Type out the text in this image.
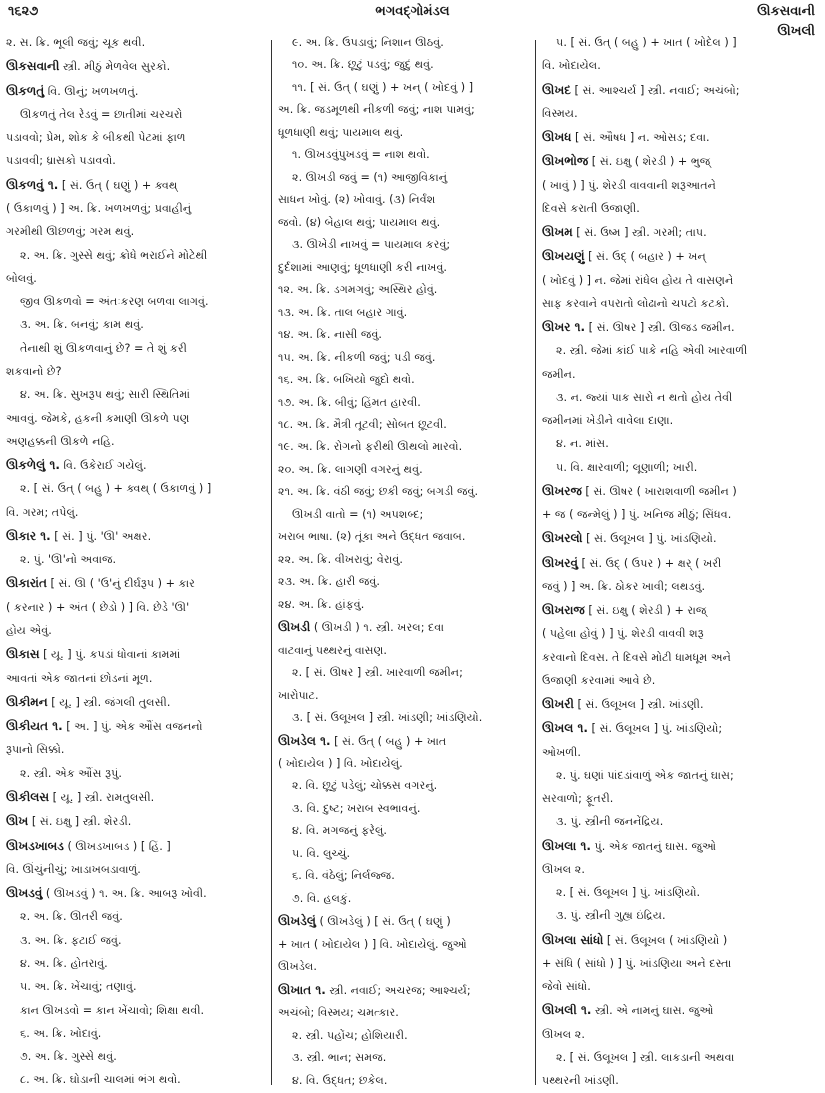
૧૬૨૭	ભગવદ્ગોમંડલ	ઊકસવાની
ઊખલી
૨. સ. ક્રિ. ભૂલી જવું; ચૂક થવી.
ઊકસવાની સ્ત્રી. મીઠું મેળવેલ સુરકો.
ઊકળતું વિ. ઊનું; ખળખળતું.
ઊકળતું તેલ રેડવું = છાતીમાં ચરચરો
પડાવવો; પ્રેમ, શોક કે બીકથી પેટમાં ફાળ
પડાવવી; ધ્રાસકો પડાવવો.
ઊકળવું ૧. [ સં. ઉત્ ( ઘણું ) + ક્વથ્
( ઉકાળવું ) ] અ. ક્રિ. ખળખળવું; પ્રવાહીનું
ગરમીથી ઊછળવું; ગરમ થવું.
૨. અ. ક્રિ. ગુસ્સે થવું; ક્રોધે ભરાઈને મોટેથી
બોલવું.
જીવ ઊકળવો = અંતઃકરણ બળવા લાગવું.
૩. અ. ક્રિ. બનવું; કામ થવું.
તેનાથી શું ઊકળવાનું છે? = તે શું કરી
શકવાનો છે?
૪. અ. ક્રિ. સુખરૂપ થવું; સારી સ્થિતિમાં
આવવું. જેમકે, હકની કમાણી ઊકળે પણ
અણહક્કની ઊકળે નહિ.
ઊકળેલું ૧. વિ. ઉકેરાઈ ગયેલું.
૨. [ સં. ઉત્ ( બહુ ) + ક્વથ્ ( ઉકાળવું ) ]
વિ. ગરમ; તપેલું.
ઊકાર ૧. [ સં. ] પું. 'ઊ' અક્ષર.
૨. પું. 'ઊ'નો અવાજ.
ઊકારાંત [ સં. ઊ ( 'ઉ'નું દીર્ઘરૂપ ) + કાર
( કરનાર ) + અંત ( છેડો ) ] વિ. છેડે 'ઊ'
હોય એવું.
ઊકાસ [ યૂ. ] પું. કપડાં ધોવાનાં કામમાં
આવતાં એક જાતનાં છોડનાં મૂળ.
ઊકીમન [ યૂ. ] સ્ત્રી. જંગલી તુલસી.
ઊકીયત ૧. [ અ. ] પું. એક ઔંસ વજનનો
રૂપાનો સિક્કો.
૨. સ્ત્રી. એક ઔંસ રૂપું.
ઊકીલસ [ યૂ. ] સ્ત્રી. રામતુલસી.
ઊખ [ સં. ઇક્ષુ ] સ્ત્રી. શેરડી.
ઊખડખાબડ ( ઊખડખાબડ ) [ હિં. ]
વિ. ઊંચુંનીચું; ખાડાખબડાવાળું.
ઊખડવું ( ઊખડવું ) ૧. અ. ક્રિ. આબરૂ ખોવી.
૨. અ. ક્રિ. ઊતરી જવું.
૩. અ. ક્રિ. ફટાઈ જવું.
૪. અ. ક્રિ. હોતરાવું.
૫. અ. ક્રિ. ખેંચાવું; તણાવું.
કાન ઊખડવો = કાન ખેંચાવો; શિક્ષા થવી.
૬. અ. ક્રિ. ખોદાવું.
૭. અ. ક્રિ. ગુસ્સે થવું.
૮. અ. ક્રિ. ઘોડાની ચાલમાં ભંગ થવો.
૯. અ. ક્રિ. ઉપડાવું; નિશાન ઊઠવું.
૧૦. અ. ક્રિ. છૂટું પડવું; જુદું થવું.
૧૧. [ સં. ઉત્ ( ઘણું ) + ખન્ ( ખોદવું ) ]
અ. ક્રિ. જડમૂળથી નીકળી જવું; નાશ પામવું;
ધૂળધાણી થવું; પાયમાલ થવું.
૧. ઊખડવુંપુખડવું = નાશ થવો.
૨. ઊખડી જવું = (૧) આજીવિકાનું
સાધન ખોવું. (૨) ખોવાવું. (૩) નિર્વંશ
જવો. (૪) બેહાલ થવું; પાયમાલ થવું.
૩. ઊખેડી નાખવું = પાયમાલ કરવું;
દુર્દશામાં આણવું; ધૂળધાણી કરી નાખવું.
૧૨. અ. ક્રિ. ડગમગવું; અસ્થિર હોવું.
૧૩. અ. ક્રિ. તાલ બહાર ગાવું.
૧૪. અ. ક્રિ. નાસી જવું.
૧૫. અ. ક્રિ. નીકળી જવું; પડી જવું.
૧૬. અ. ક્રિ. બખિયો જુદો થવો.
૧૭. અ. ક્રિ. બીવું; હિંમત હારવી.
૧૮. અ. ક્રિ. મૈત્રી તૂટવી; સોબત છૂટવી.
૧૯. અ. ક્રિ. રોગનો ફરીથી ઊથલો મારવો.
૨૦. અ. ક્રિ. લાગણી વગરનું થવું.
૨૧. અ. ક્રિ. વંઠી જવું; છકી જવું; બગડી જવું.
ઊખડી વાતો = (૧) અપશબ્દ;
ખરાબ ભાષા. (૨) તૂંકા અને ઉદ્ધત જવાબ.
૨૨. અ. ક્રિ. વીખરાવું; વેરાવું.
૨૩. અ. ક્રિ. હારી જવું.
૨૪. અ. ક્રિ. હાંફવું.
ઊખડી ( ઊખડી ) ૧. સ્ત્રી. ખરલ; દવા
વાટવાનું પથ્થરનું વાસણ.
૨. [ સં. ઊષર ] સ્ત્રી. ખારવાળી જમીન;
ખારોપાટ.
૩. [ સં. ઉલૂખલ ] સ્ત્રી. ખાંડણી; ખાંડણિયો.
ઊખડેલ ૧. [ સં. ઉત્ ( બહુ ) + ખાત
( ખોદાયેલ ) ] વિ. ખોદાયેલું.
૨. વિ. છૂટું પડેલું; ચોક્કસ વગરનું.
૩. વિ. દુષ્ટ; ખરાબ સ્વભાવનું.
૪. વિ. મગજનું ફરેલું.
૫. વિ. લુચ્ચું.
૬. વિ. વંઠેલું; નિર્લજ્જ.
૭. વિ. હલકું.
ઊખડેલું ( ઊખડેલું ) [ સં. ઉત્ ( ઘણું )
+ ખાત ( ખોદાયેલ ) ] વિ. ખોદાયેલું. જુઓ
ઊખડેલ.
ઊખાત ૧. સ્ત્રી. નવાઈ; અચરજ; આશ્ચર્ય;
અચંબો; વિસ્મય; ચમત્કાર.
૨. સ્ત્રી. પહોંચ; હોશિયારી.
૩. સ્ત્રી. ભાન; સમજ.
૪. વિ. ઉદ્ધત; છકેલ.
૫. [ સં. ઉત્ ( બહુ ) + ખાત ( ખોદેલ ) ]
વિ. ખોદાયેલ.
ઊખદ [ સં. આશ્ચર્ય ] સ્ત્રી. નવાઈ; અચંબો;
વિસ્મય.
ઊખધ [ સં. ઔષધ ] ન. ઓસડ; દવા.
ઊખભોજ [ સં. ઇક્ષુ ( શેરડી ) + ભુજ્
( ખાવું ) ] પું. શેરડી વાવવાની શરૂઆતને
દિવસે કરાતી ઉજાણી.
ઊખમ [ સં. ઉષ્મ ] સ્ત્રી. ગરમી; તાપ.
ઊખયણું [ સં. ઉદ્ ( બહાર ) + ખન્
( ખોદવું ) ] ન. જેમાં રાંધેલ હોય તે વાસણને
સાફ કરવાને વપરાતો લોઢાનો ચપટો કટકો.
ઊખર ૧. [ સં. ઊષર ] સ્ત્રી. ઊજડ જમીન.
૨. સ્ત્રી. જેમાં કાંઈ પાકે નહિ એવી ખારવાળી
જમીન.
૩. ન. જ્યાં પાક સારો ન થતો હોય તેવી
જમીનમાં ખેડીને વાવેલા દાણા.
૪. ન. માંસ.
૫. વિ. ક્ષારવાળી; લૂણાળી; ખારી.
ઊખરજ [ સં. ઊષર ( ખારાશવાળી જમીન )
+ જ ( જન્મેલું ) ] પું. ખનિજ મીઠું; સિંધવ.
ઊખરલો [ સં. ઉલૂખલ ] પું. ખાંડણિયો.
ઊખરવું [ સં. ઉદ્ ( ઉપર ) + ક્ષર્ ( ખરી
જવું ) ] અ. ક્રિ. ઠોકર ખાવી; લથડવું.
ઊખરાજ [ સં. ઇક્ષુ ( શેરડી ) + રાજ્
( પહેલા હોવું ) ] પું. શેરડી વાવવી શરૂ
કરવાનો દિવસ. તે દિવસે મોટી ધામધૂમ અને
ઉજાણી કરવામાં આવે છે.
ઊખરી [ સં. ઉલૂખલ ] સ્ત્રી. ખાંડણી.
ઊખલ ૧. [ સં. ઉલૂખલ ] પું. ખાંડણિયો;
ઓખળી.
૨. પું. ઘણાં પાંદડાંવાળું એક જાતનું ઘાસ;
સરવાળો; ફૂતરી.
૩. પું. સ્ત્રીની જનનેંદ્રિય.
ઊખલા ૧. પું. એક જાતનું ઘાસ. જુઓ
ઊખલ ૨.
૨. [ સં. ઉલૂખલ ] પું. ખાંડણિયો.
૩. પું. સ્ત્રીની ગુહ્ય ઇંદ્રિય.
ઊખલા સાંધો [ સં. ઉલૂખલ ( ખાંડણિયો )
+ સંધિ ( સાંધો ) ] પું. ખાંડણિયા અને દસ્તા
જેવો સાંધો.
ઊખલી ૧. સ્ત્રી. એ નામનું ઘાસ. જુઓ
ઊખલ ૨.
૨. [ સં. ઉલૂખલ ] સ્ત્રી. લાકડાની અથવા
પથ્થરની ખાંડણી.
